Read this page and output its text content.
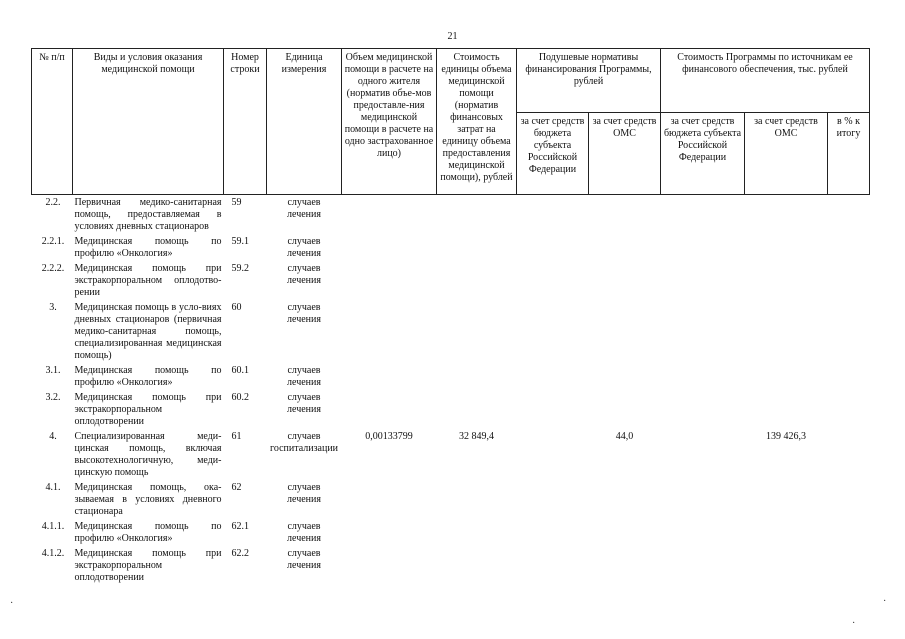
21
№ п/п	Виды и условия оказания медицинской помощи	Номер строки	Единица измерения	Объем медицинской помощи в расчете на одного жителя (норматив объе-мов предоставле-ния медицинской помощи в расчете на одно застрахованное лицо)	Стоимость единицы объема медицинской помощи (норматив финансовых затрат на единицу объема предоставления медицинской помощи), рублей	Подушевые нормативы финансирования Программы, рублей		Стоимость Программы по источникам ее финансового обеспечения, тыс. рублей		
						за счет средств бюджета субъекта Российской Федерации	за счет средств ОМС	за счет средств бюджета субъекта Российской Федерации	за счет средств ОМС	в % к итогу
2.2.	Первичная медико-санитарная помощь, предоставляемая в условиях дневных стационаров	59	случаев
лечения							
2.2.1.	Медицинская помощь по профилю «Онкология»	59.1	случаев
лечения							
2.2.2.	Медицинская помощь при экстракорпоральном оплодотво-рении	59.2	случаев
лечения							
3.	Медицинская помощь в усло-виях дневных стационаров (первичная медико-санитарная помощь, специализированная медицинская помощь)	60	случаев
лечения							
3.1.	Медицинская помощь по профилю «Онкология»	60.1	случаев
лечения							
3.2.	Медицинская помощь при экстракорпоральном оплодотворении	60.2	случаев
лечения							
4.	Специализированная меди-цинская помощь, включая высокотехнологичную, меди-цинскую помощь	61	случаев
госпитализации	0,00133799	32 849,4		44,0		139 426,3	
4.1.	Медицинская помощь, ока-зываемая в условиях дневного стационара	62	случаев
лечения							
4.1.1.	Медицинская помощь по профилю «Онкология»	62.1	случаев
лечения							
4.1.2.	Медицинская помощь при экстракорпоральном оплодотворении	62.2	случаев
лечения							
·
·
·
